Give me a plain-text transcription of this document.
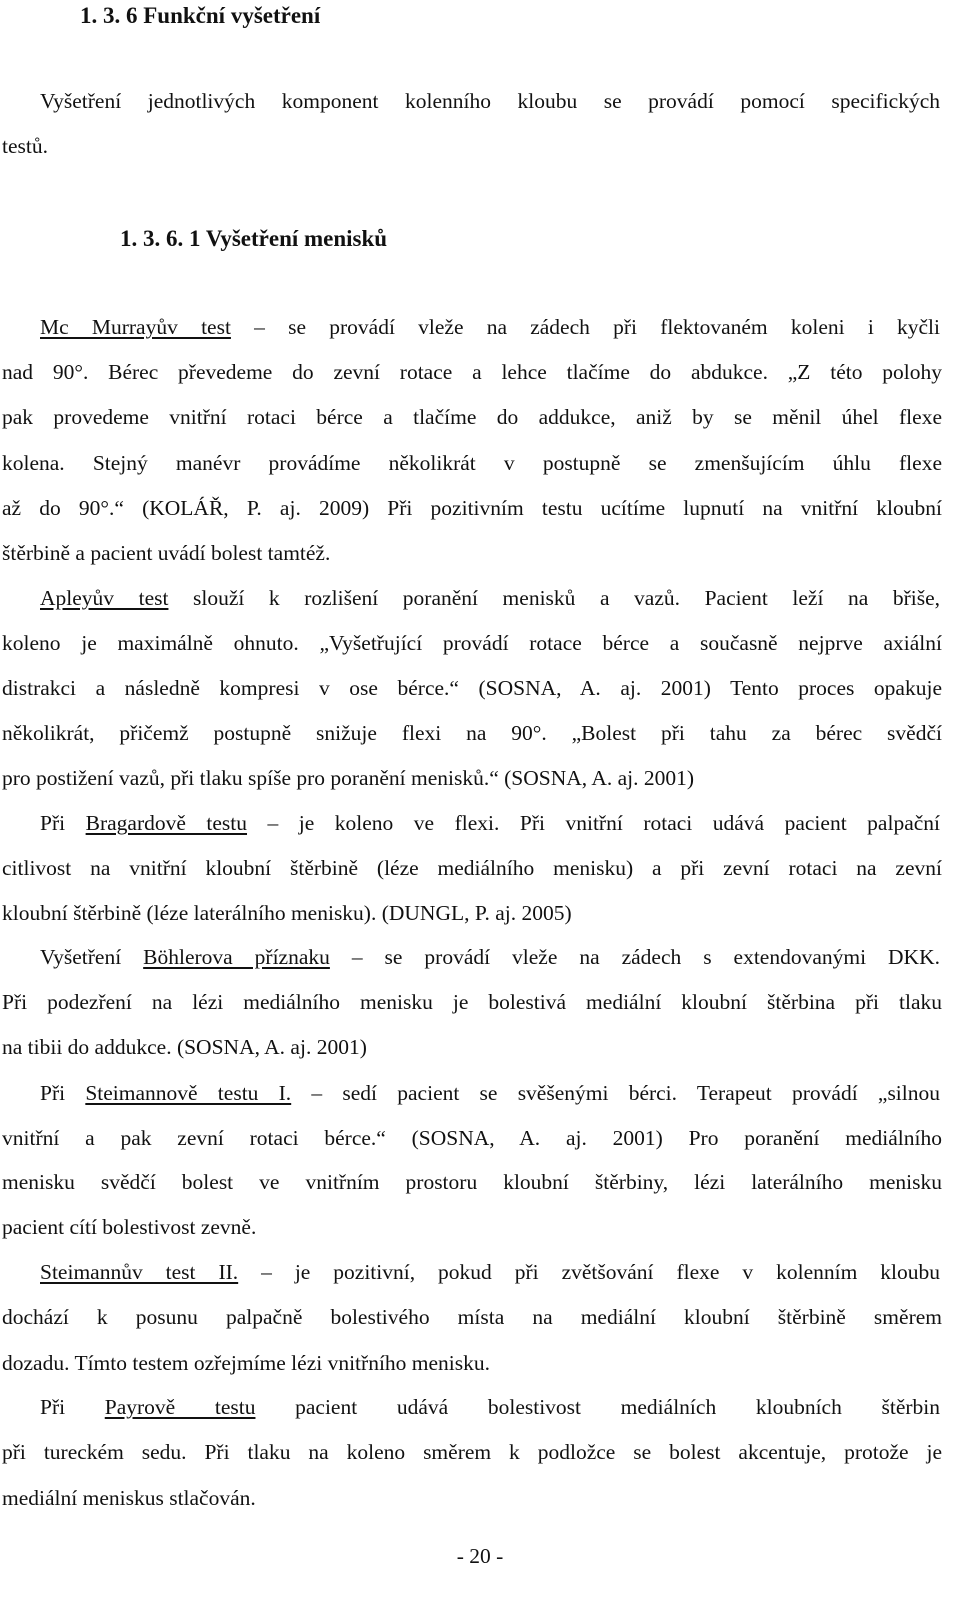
1. 3. 6 Funkční vyšetření

Vyšetření jednotlivých komponent kolenního kloubu se provádí pomocí specifických

testů.

1. 3. 6. 1 Vyšetření menisků

Mc Murrayův test – se provádí vleže na zádech při flektovaném koleni i kyčli

nad 90°. Bérec převedeme do zevní rotace a lehce tlačíme do abdukce. „Z této polohy

pak provedeme vnitřní rotaci bérce a tlačíme do addukce, aniž by se měnil úhel flexe

kolena. Stejný manévr provádíme několikrát v postupně se zmenšujícím úhlu flexe

až do 90°.“ (KOLÁŘ, P. aj. 2009) Při pozitivním testu ucítíme lupnutí na vnitřní kloubní

štěrbině a pacient uvádí bolest tamtéž.

Apleyův test slouží k rozlišení poranění menisků a vazů. Pacient leží na břiše,

koleno je maximálně ohnuto. „Vyšetřující provádí rotace bérce a současně nejprve axiální

distrakci a následně kompresi v ose bérce.“ (SOSNA, A. aj. 2001) Tento proces opakuje

několikrát, přičemž postupně snižuje flexi na 90°. „Bolest při tahu za bérec svědčí

pro postižení vazů, při tlaku spíše pro poranění menisků.“ (SOSNA, A. aj. 2001)

Při Bragardově testu – je koleno ve flexi. Při vnitřní rotaci udává pacient palpační

citlivost na vnitřní kloubní štěrbině (léze mediálního menisku) a při zevní rotaci na zevní

kloubní štěrbině (léze laterálního menisku). (DUNGL, P. aj. 2005)

Vyšetření Böhlerova příznaku – se provádí vleže na zádech s extendovanými DKK.

Při podezření na lézi mediálního menisku je bolestivá mediální kloubní štěrbina při tlaku

na tibii do addukce. (SOSNA, A. aj. 2001)

Při Steimannově testu I. – sedí pacient se svěšenými bérci. Terapeut provádí „silnou

vnitřní a pak zevní rotaci bérce.“ (SOSNA, A. aj. 2001) Pro poranění mediálního

menisku svědčí bolest ve vnitřním prostoru kloubní štěrbiny, lézi laterálního menisku

pacient cítí bolestivost zevně.

Steimannův test II. – je pozitivní, pokud při zvětšování flexe v kolenním kloubu

dochází k posunu palpačně bolestivého místa na mediální kloubní štěrbině směrem

dozadu. Tímto testem ozřejmíme lézi vnitřního menisku.

Při Payrově testu pacient udává bolestivost mediálních kloubních štěrbin

při tureckém sedu. Při tlaku na koleno směrem k podložce se bolest akcentuje, protože je

mediální meniskus stlačován.

- 20 -
